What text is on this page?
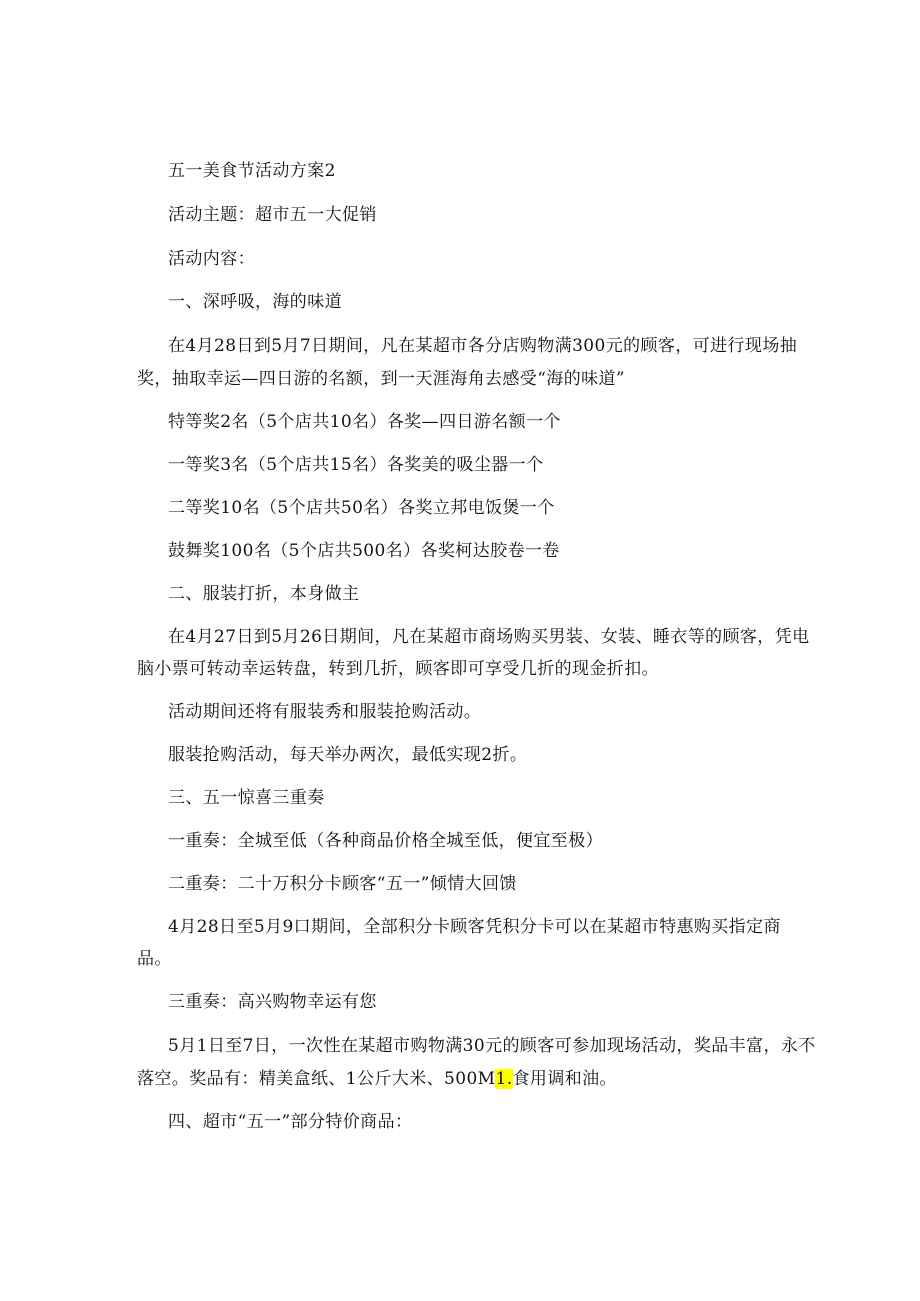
五一美食节活动方案2
活动主题：超市五一大促销
活动内容：
一、深呼吸，海的味道
在4月28日到5月7日期间，凡在某超市各分店购物满300元的顾客，可进行现场抽
奖，抽取幸运—四日游的名额，到一天涯海角去感受“海的味道”
特等奖2名（5个店共10名）各奖—四日游名额一个
一等奖3名（5个店共15名）各奖美的吸尘器一个
二等奖10名（5个店共50名）各奖立邦电饭煲一个
鼓舞奖100名（5个店共500名）各奖柯达胶卷一卷
二、服装打折，本身做主
在4月27日到5月26日期间，凡在某超市商场购买男装、女装、睡衣等的顾客，凭电
脑小票可转动幸运转盘，转到几折，顾客即可享受几折的现金折扣。
活动期间还将有服装秀和服装抢购活动。
服装抢购活动，每天举办两次，最低实现2折。
三、五一惊喜三重奏
一重奏：全城至低（各种商品价格全城至低，便宜至极）
二重奏：二十万积分卡顾客“五一”倾情大回馈
4月28日至5月9口期间，全部积分卡顾客凭积分卡可以在某超市特惠购买指定商
品。
三重奏：高兴购物幸运有您
5月1日至7日，一次性在某超市购物满30元的顾客可参加现场活动，奖品丰富，永不
落空。奖品有：精美盒纸、1公斤大米、500M1.食用调和油。
四、超市“五一”部分特价商品：
